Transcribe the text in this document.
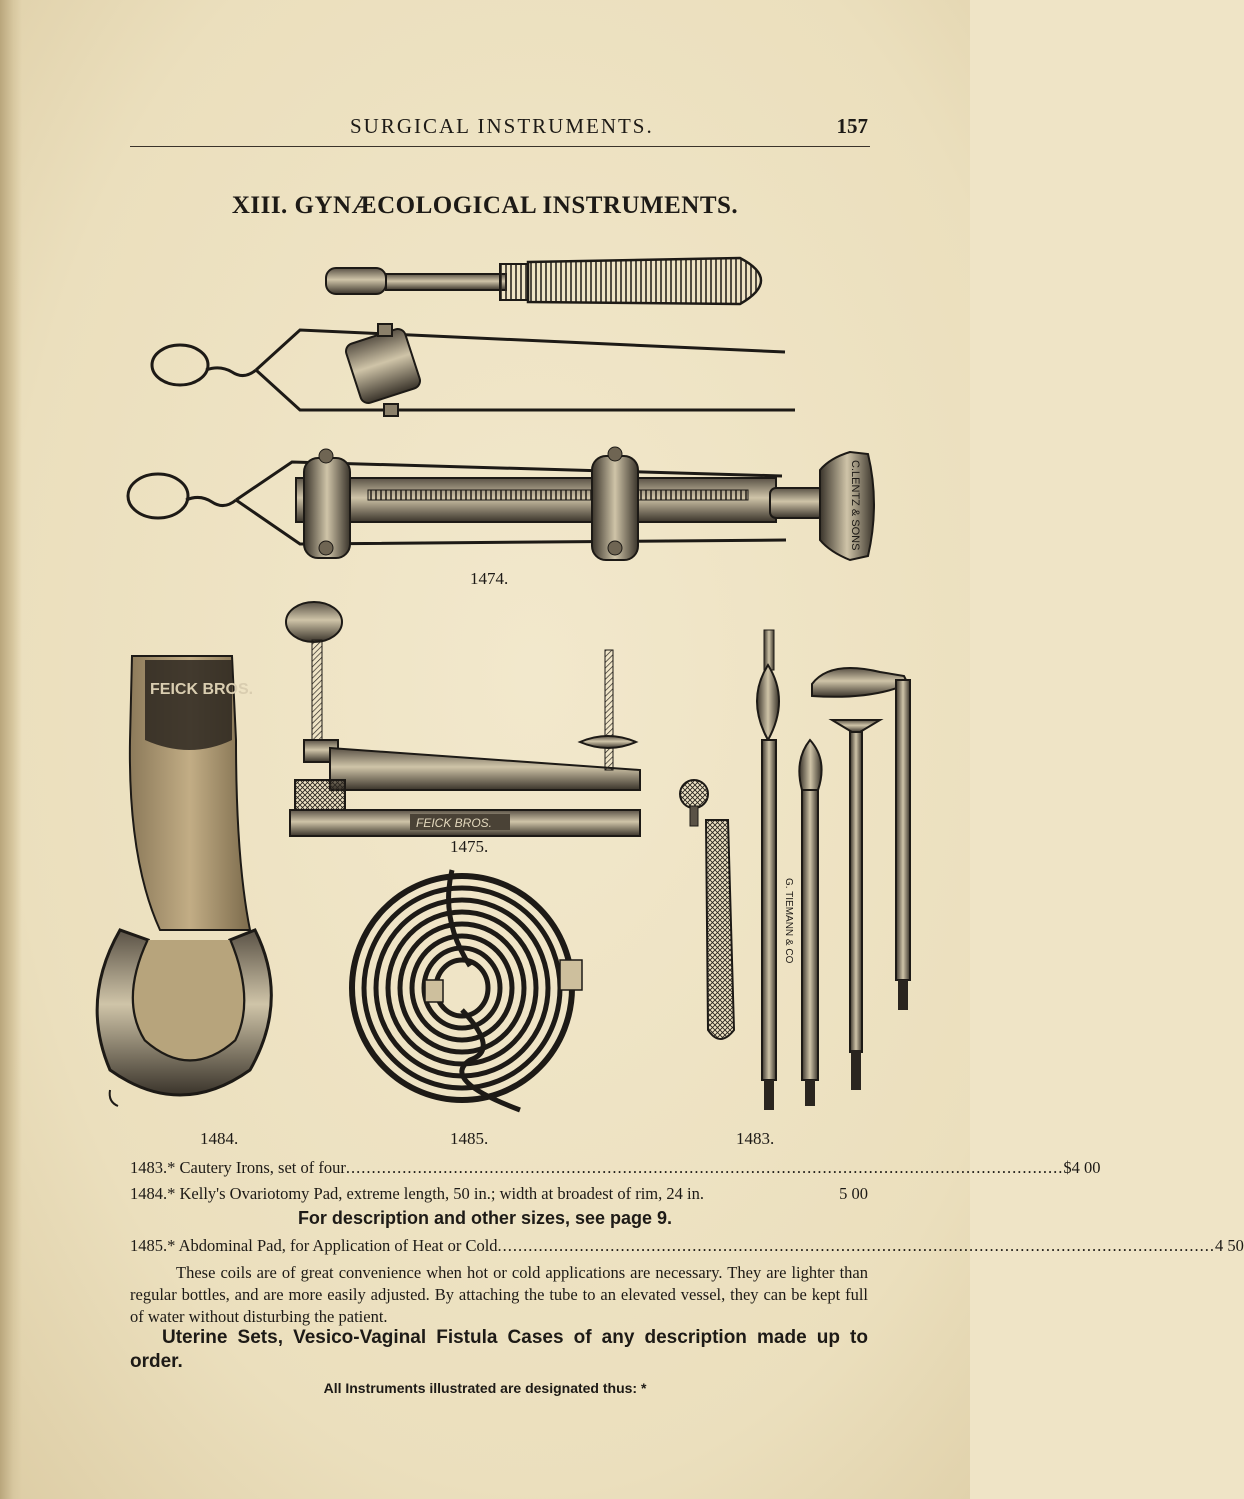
SURGICAL INSTRUMENTS.	157
XIII. GYNÆCOLOGICAL INSTRUMENTS.
C.LENTZ & SONS
1474.
FEICK BROS.
1484.
FEICK BROS.
1475.
1485.
G. TIEMANN & CO
1483.
1483.* Cautery Irons, set of four ............................................................................................................................................ $4 00
1484.* Kelly's Ovariotomy Pad, extreme length, 50 in.; width at broadest of rim, 24 in.
	5 00
For description and other sizes, see page 9.
1485.* Abdominal Pad, for Application of Heat or Cold ............................................................................................................................................ 4 50
These coils are of great convenience when hot or cold applications are necessary. They are lighter than regular bottles, and are more easily adjusted. By attaching the tube to an elevated vessel, they can be kept full of water without disturbing the patient.
Uterine Sets, Vesico-Vaginal Fistula Cases of any description made up to order.
All Instruments illustrated are designated thus: *
